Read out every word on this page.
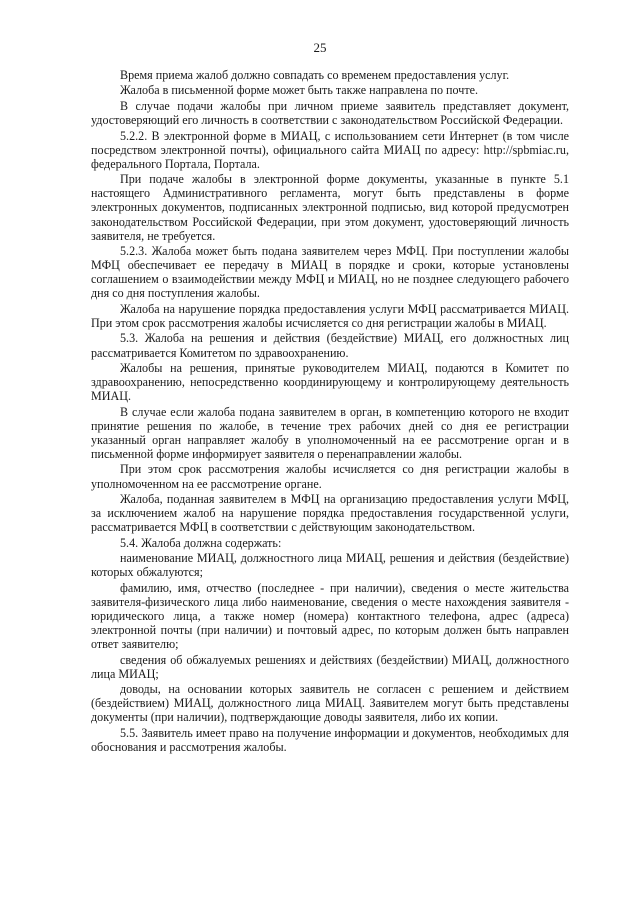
25

Время приема жалоб должно совпадать со временем предоставления услуг.

Жалоба в письменной форме может быть также направлена по почте.

В случае подачи жалобы при личном приеме заявитель представляет документ, удостоверяющий его личность в соответствии с законодательством Российской Федерации.

5.2.2. В электронной форме в МИАЦ, с использованием сети Интернет (в том числе посредством электронной почты), официального сайта МИАЦ по адресу: http://spbmiac.ru, федерального Портала, Портала.

При подаче жалобы в электронной форме документы, указанные в пункте 5.1 настоящего Административного регламента, могут быть представлены в форме электронных документов, подписанных электронной подписью, вид которой предусмотрен законодательством Российской Федерации, при этом документ, удостоверяющий личность заявителя, не требуется.

5.2.3. Жалоба может быть подана заявителем через МФЦ. При поступлении жалобы МФЦ обеспечивает ее передачу в МИАЦ в порядке и сроки, которые установлены соглашением о взаимодействии между МФЦ и МИАЦ, но не позднее следующего рабочего дня со дня поступления жалобы.

Жалоба на нарушение порядка предоставления услуги МФЦ рассматривается МИАЦ. При этом срок рассмотрения жалобы исчисляется со дня регистрации жалобы в МИАЦ.

5.3. Жалоба на решения и действия (бездействие) МИАЦ, его должностных лиц рассматривается Комитетом по здравоохранению.

Жалобы на решения, принятые руководителем МИАЦ, подаются в Комитет по здравоохранению, непосредственно координирующему и контролирующему деятельность МИАЦ.

В случае если жалоба подана заявителем в орган, в компетенцию которого не входит принятие решения по жалобе, в течение трех рабочих дней со дня ее регистрации указанный орган направляет жалобу в уполномоченный на ее рассмотрение орган и в письменной форме информирует заявителя о перенаправлении жалобы.

При этом срок рассмотрения жалобы исчисляется со дня регистрации жалобы в уполномоченном на ее рассмотрение органе.

Жалоба, поданная заявителем в МФЦ на организацию предоставления услуги МФЦ, за исключением жалоб на нарушение порядка предоставления государственной услуги, рассматривается МФЦ в соответствии с действующим законодательством.

5.4. Жалоба должна содержать:

наименование МИАЦ, должностного лица МИАЦ, решения и действия (бездействие) которых обжалуются;

фамилию, имя, отчество (последнее - при наличии), сведения о месте жительства заявителя-физического лица либо наименование, сведения о месте нахождения заявителя - юридического лица, а также номер (номера) контактного телефона, адрес (адреса) электронной почты (при наличии) и почтовый адрес, по которым должен быть направлен ответ заявителю;

сведения об обжалуемых решениях и действиях (бездействии) МИАЦ, должностного лица МИАЦ;

доводы, на основании которых заявитель не согласен с решением и действием (бездействием) МИАЦ, должностного лица МИАЦ. Заявителем могут быть представлены документы (при наличии), подтверждающие доводы заявителя, либо их копии.

5.5. Заявитель имеет право на получение информации и документов, необходимых для обоснования и рассмотрения жалобы.
